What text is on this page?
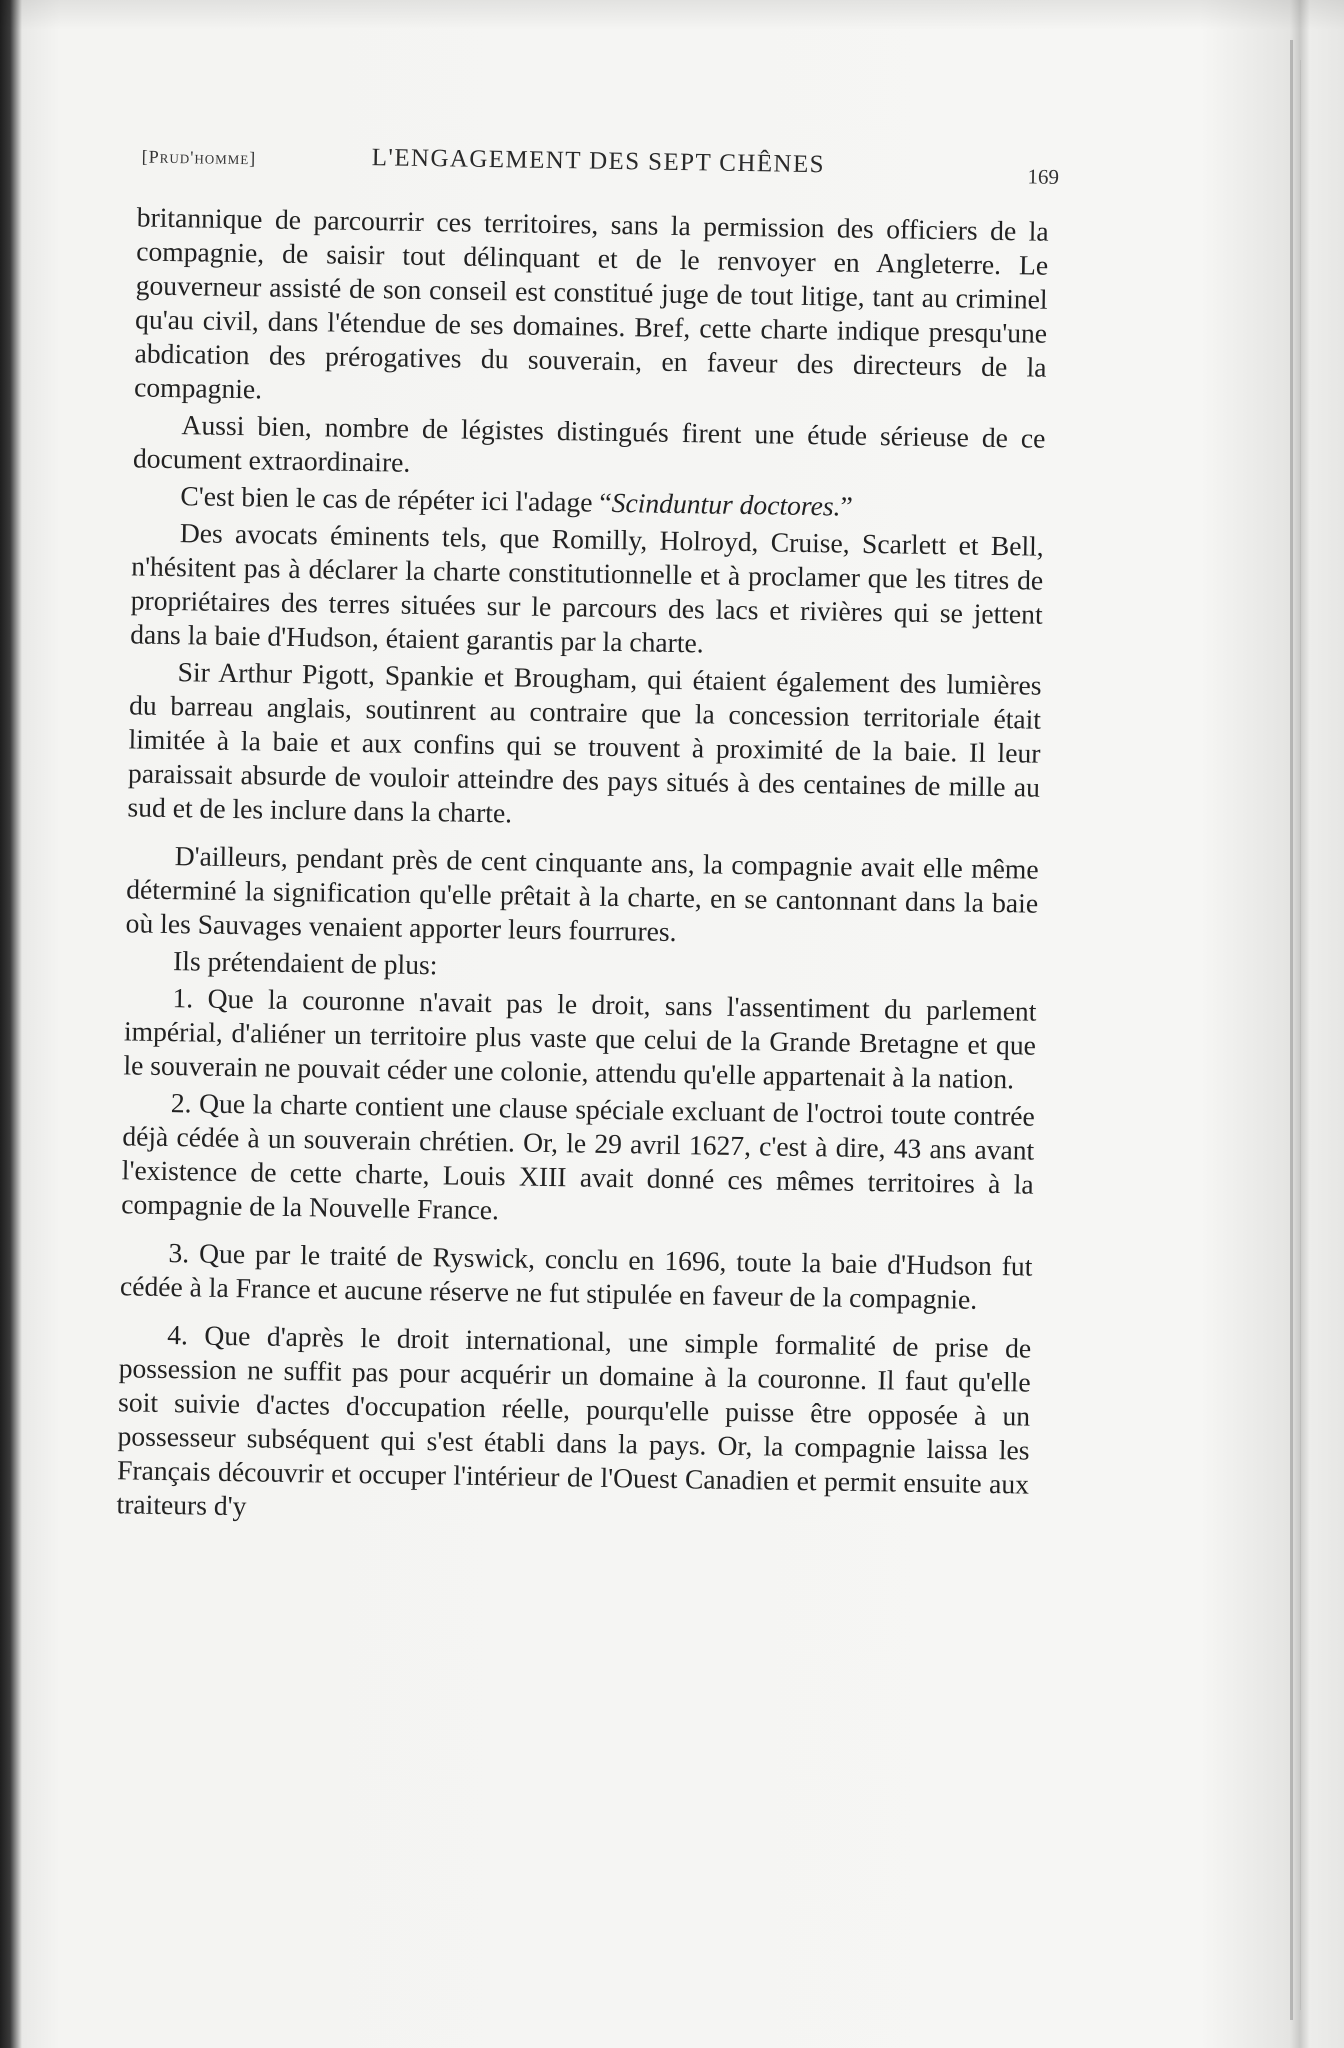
[Prud'homme]	L'ENGAGEMENT DES SEPT CHÊNES	169

britannique de parcourrir ces territoires, sans la permission des officiers de la compagnie, de saisir tout délinquant et de le renvoyer en Angleterre. Le gouverneur assisté de son conseil est constitué juge de tout litige, tant au criminel qu'au civil, dans l'étendue de ses domaines. Bref, cette charte indique presqu'une abdication des prérogatives du souverain, en faveur des directeurs de la compagnie.

Aussi bien, nombre de légistes distingués firent une étude sérieuse de ce document extraordinaire.

C'est bien le cas de répéter ici l'adage “Scinduntur doctores.”

Des avocats éminents tels, que Romilly, Holroyd, Cruise, Scarlett et Bell, n'hésitent pas à déclarer la charte constitutionnelle et à proclamer que les titres de propriétaires des terres situées sur le parcours des lacs et rivières qui se jettent dans la baie d'Hudson, étaient garantis par la charte.

Sir Arthur Pigott, Spankie et Brougham, qui étaient également des lumières du barreau anglais, soutinrent au contraire que la concession territoriale était limitée à la baie et aux confins qui se trouvent à proximité de la baie. Il leur paraissait absurde de vouloir atteindre des pays situés à des centaines de mille au sud et de les inclure dans la charte.

D'ailleurs, pendant près de cent cinquante ans, la compagnie avait elle même déterminé la signification qu'elle prêtait à la charte, en se cantonnant dans la baie où les Sauvages venaient apporter leurs fourrures.

Ils prétendaient de plus:

1. Que la couronne n'avait pas le droit, sans l'assentiment du parlement impérial, d'aliéner un territoire plus vaste que celui de la Grande Bretagne et que le souverain ne pouvait céder une colonie, attendu qu'elle appartenait à la nation.

2. Que la charte contient une clause spéciale excluant de l'octroi toute contrée déjà cédée à un souverain chrétien. Or, le 29 avril 1627, c'est à dire, 43 ans avant l'existence de cette charte, Louis XIII avait donné ces mêmes territoires à la compagnie de la Nouvelle France.

3. Que par le traité de Ryswick, conclu en 1696, toute la baie d'Hudson fut cédée à la France et aucune réserve ne fut stipulée en faveur de la compagnie.

4. Que d'après le droit international, une simple formalité de prise de possession ne suffit pas pour acquérir un domaine à la couronne. Il faut qu'elle soit suivie d'actes d'occupation réelle, pourqu'elle puisse être opposée à un possesseur subséquent qui s'est établi dans la pays. Or, la compagnie laissa les Français découvrir et occuper l'intérieur de l'Ouest Canadien et permit ensuite aux traiteurs d'y
